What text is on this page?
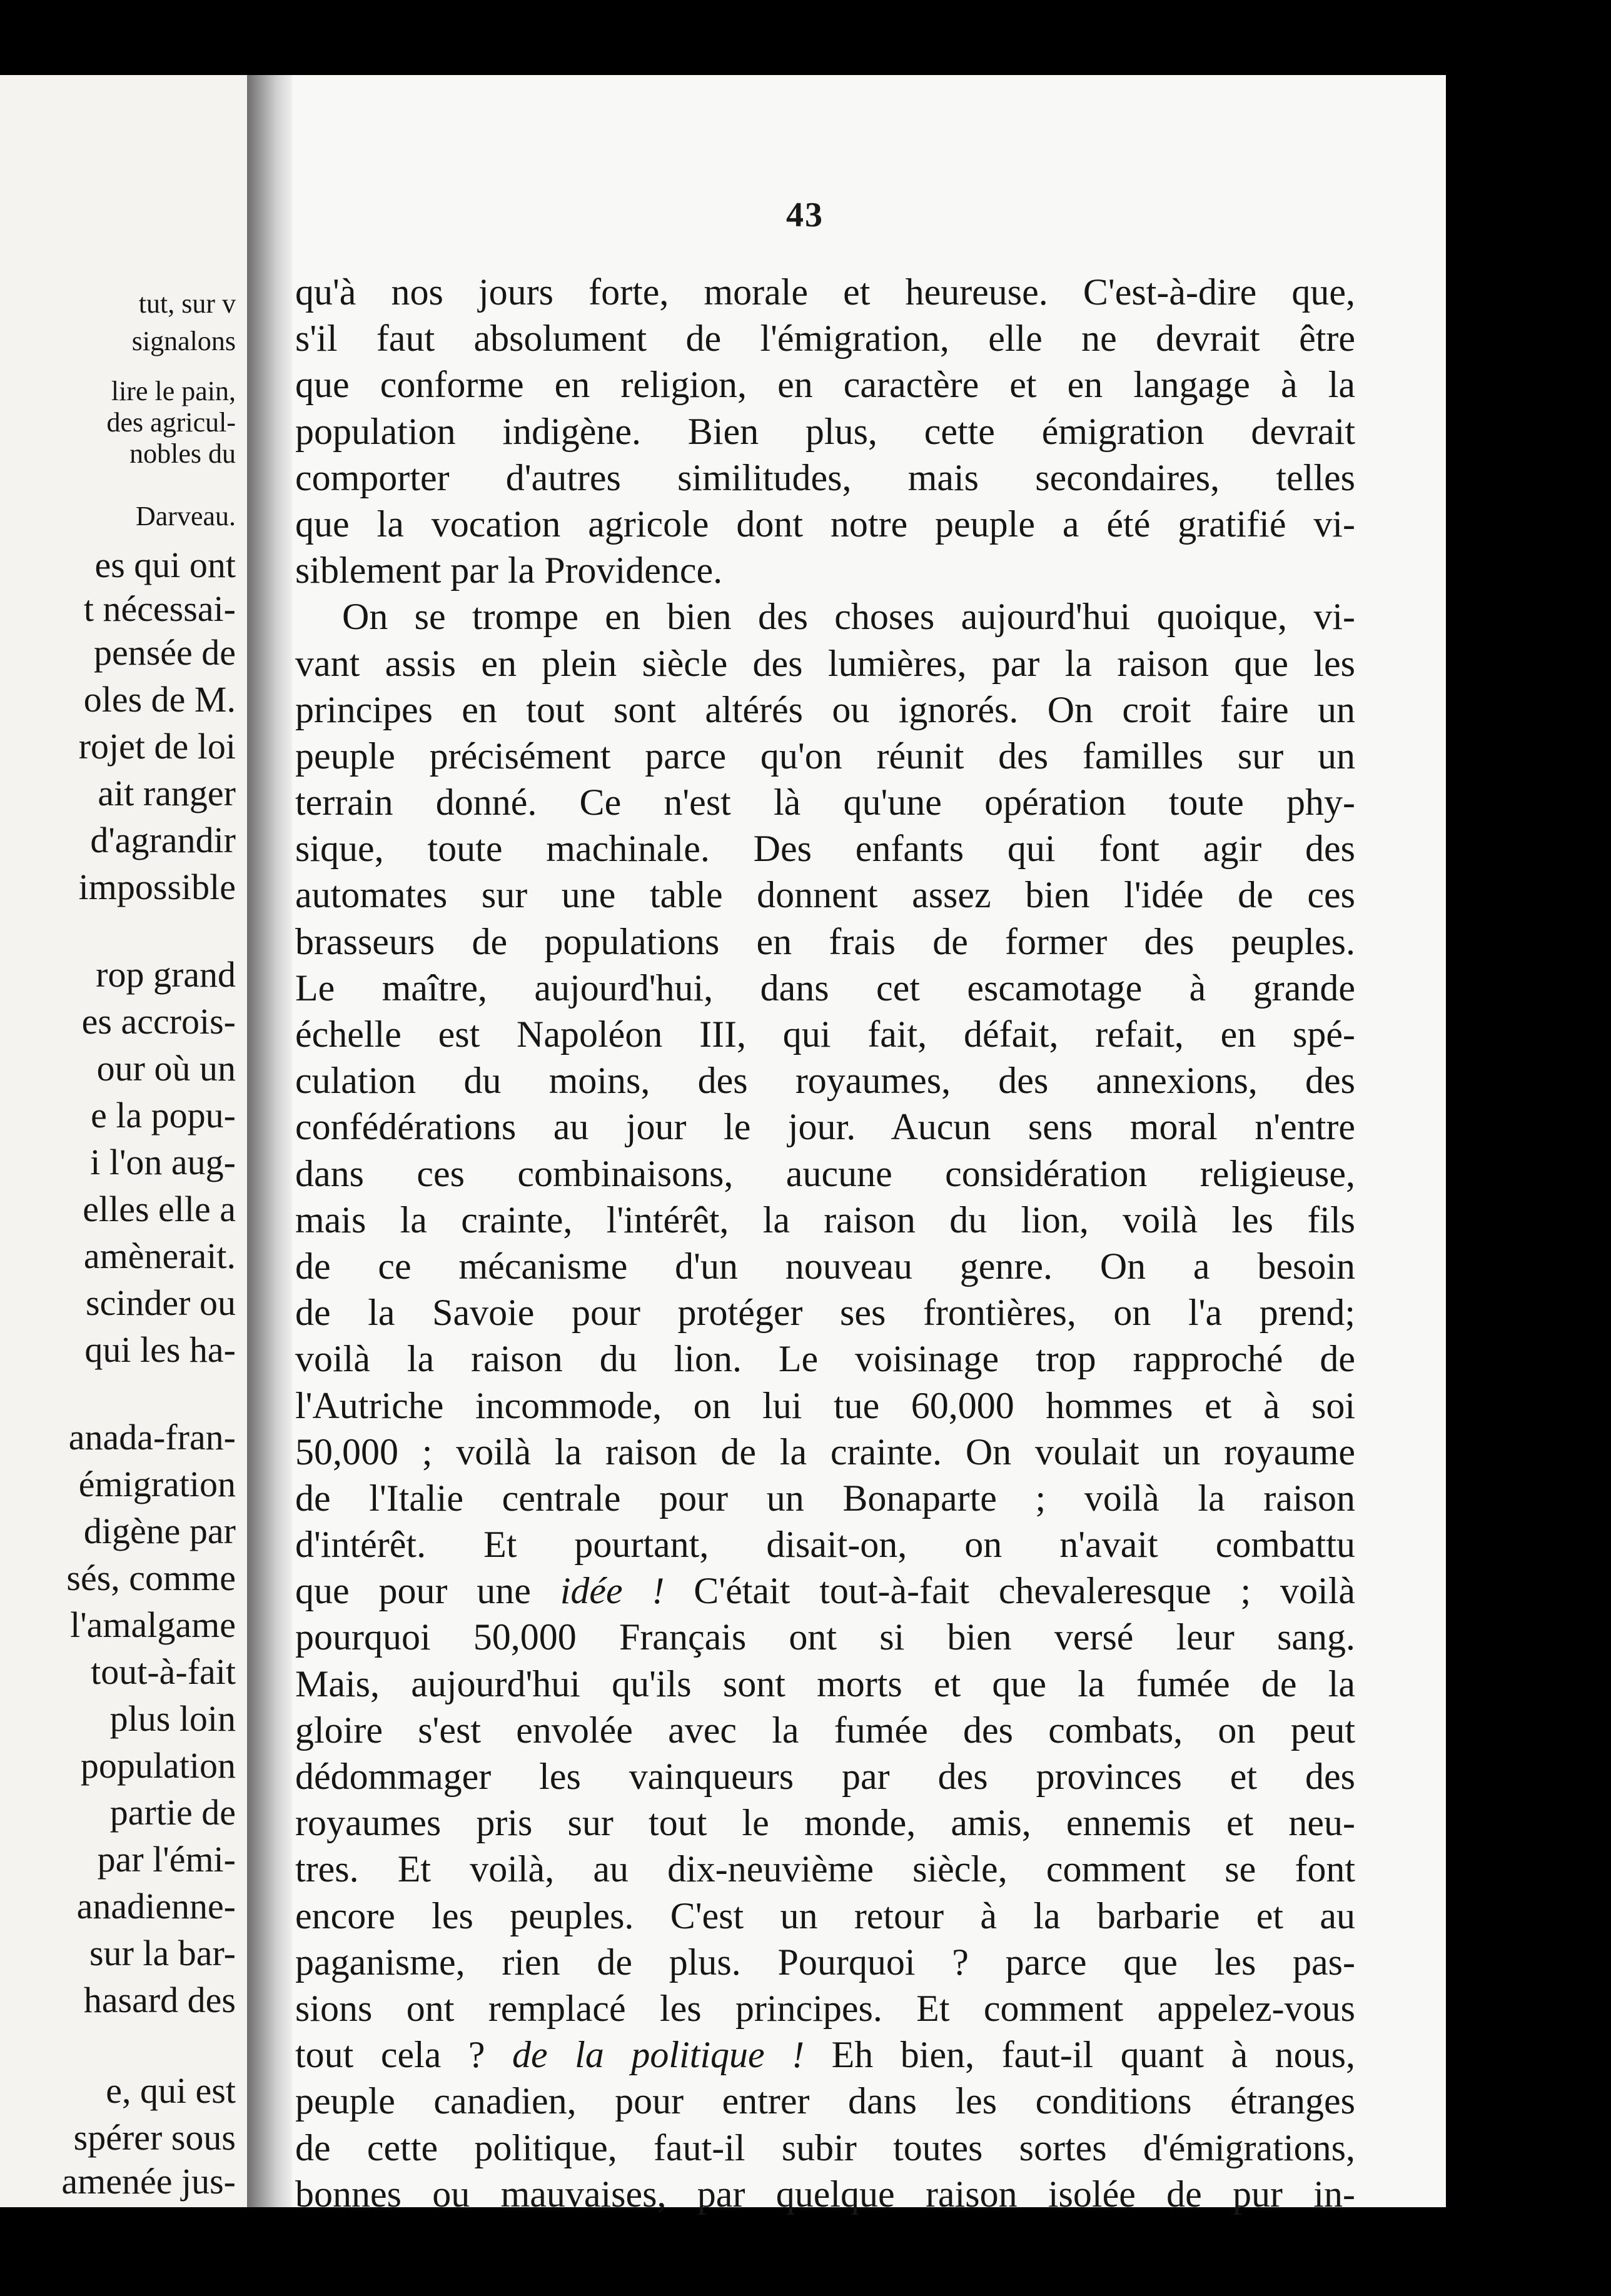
tut, sur v
signalons
lire le pain,
des agricul-
nobles du
Darveau.
es qui ont
t nécessai-
pensée de
oles de M.
rojet de loi
ait ranger
d'agrandir
impossible
rop grand
es accrois-
our où un
e la popu-
i l'on aug-
elles elle a
amènerait.
scinder ou
qui les ha-
anada-fran-
émigration
digène par
sés, comme
l'amalgame
tout-à-fait
plus loin
population
partie de
par l'émi-
anadienne-
sur la bar-
hasard des
e, qui est
spérer sous
amenée jus-
43
qu'à nos jours forte, morale et heureuse. C'est-à-dire que,
s'il faut absolument de l'émigration, elle ne devrait être
que conforme en religion, en caractère et en langage à la
population indigène. Bien plus, cette émigration devrait
comporter d'autres similitudes, mais secondaires, telles
que la vocation agricole dont notre peuple a été gratifié vi-
siblement par la Providence.
On se trompe en bien des choses aujourd'hui quoique, vi-
vant assis en plein siècle des lumières, par la raison que les
principes en tout sont altérés ou ignorés. On croit faire un
peuple précisément parce qu'on réunit des familles sur un
terrain donné. Ce n'est là qu'une opération toute phy-
sique, toute machinale. Des enfants qui font agir des
automates sur une table donnent assez bien l'idée de ces
brasseurs de populations en frais de former des peuples.
Le maître, aujourd'hui, dans cet escamotage à grande
échelle est Napoléon III, qui fait, défait, refait, en spé-
culation du moins, des royaumes, des annexions, des
confédérations au jour le jour. Aucun sens moral n'entre
dans ces combinaisons, aucune considération religieuse,
mais la crainte, l'intérêt, la raison du lion, voilà les fils
de ce mécanisme d'un nouveau genre. On a besoin
de la Savoie pour protéger ses frontières, on l'a prend;
voilà la raison du lion. Le voisinage trop rapproché de
l'Autriche incommode, on lui tue 60,000 hommes et à soi
50,000 ; voilà la raison de la crainte. On voulait un royaume
de l'Italie centrale pour un Bonaparte ; voilà la raison
d'intérêt. Et pourtant, disait-on, on n'avait combattu
que pour une idée ! C'était tout-à-fait chevaleresque ; voilà
pourquoi 50,000 Français ont si bien versé leur sang.
Mais, aujourd'hui qu'ils sont morts et que la fumée de la
gloire s'est envolée avec la fumée des combats, on peut
dédommager les vainqueurs par des provinces et des
royaumes pris sur tout le monde, amis, ennemis et neu-
tres. Et voilà, au dix-neuvième siècle, comment se font
encore les peuples. C'est un retour à la barbarie et au
paganisme, rien de plus. Pourquoi ? parce que les pas-
sions ont remplacé les principes. Et comment appelez-vous
tout cela ? de la politique ! Eh bien, faut-il quant à nous,
peuple canadien, pour entrer dans les conditions étranges
de cette politique, faut-il subir toutes sortes d'émigrations,
bonnes ou mauvaises, par quelque raison isolée de pur in-
